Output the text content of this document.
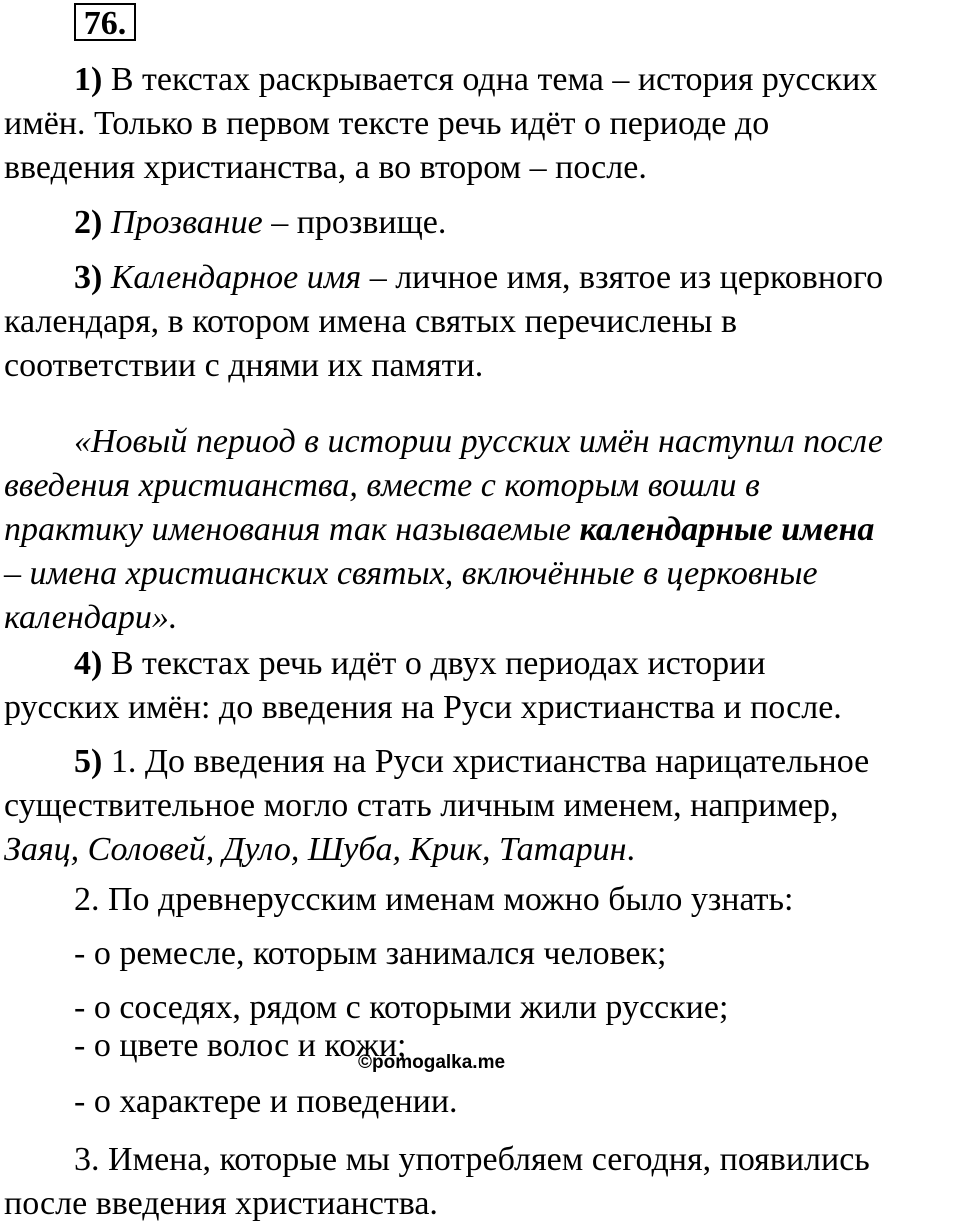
76.
1) В текстах раскрывается одна тема – история русских
имён. Только в первом тексте речь идёт о периоде до
введения христианства, а во втором – после.
2) Прозвание – прозвище.
3) Календарное имя – личное имя, взятое из церковного
календаря, в котором имена святых перечислены в
соответствии с днями их памяти.
«Новый период в истории русских имён наступил после
введения христианства, вместе с которым вошли в
практику именования так называемые календарные имена
– имена христианских святых, включённые в церковные
календари».
4) В текстах речь идёт о двух периодах истории
русских имён: до введения на Руси христианства и после.
5) 1. До введения на Руси христианства нарицательное
существительное могло стать личным именем, например,
Заяц, Соловей, Дуло, Шуба, Крик, Татарин.
2. По древнерусским именам можно было узнать:
- о ремесле, которым занимался человек;
- о соседях, рядом с которыми жили русские;
- о цвете волос и кожи;
- о характере и поведении.
3. Имена, которые мы употребляем сегодня, появились
после введения христианства.
©pomogalka.me
